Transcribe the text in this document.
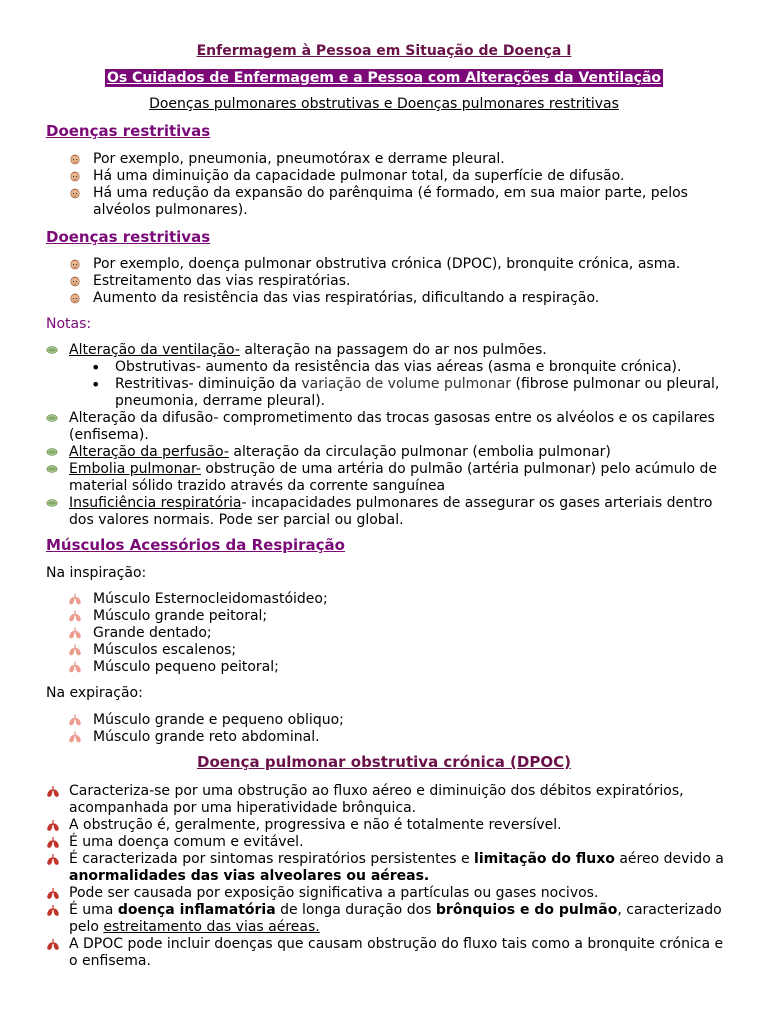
Enfermagem à Pessoa em Situação de Doença I
Os Cuidados de Enfermagem e a Pessoa com Alterações da Ventilação
Doenças pulmonares obstrutivas e Doenças pulmonares restritivas
Doenças restritivas
Por exemplo, pneumonia, pneumotórax e derrame pleural.
Há uma diminuição da capacidade pulmonar total, da superfície de difusão.
Há uma redução da expansão do parênquima (é formado, em sua maior parte, pelos alvéolos pulmonares).
Doenças restritivas
Por exemplo, doença pulmonar obstrutiva crónica (DPOC), bronquite crónica, asma.
Estreitamento das vias respiratórias.
Aumento da resistência das vias respiratórias, dificultando a respiração.
Notas:
Alteração da ventilação- alteração na passagem do ar nos pulmões.
• Obstrutivas- aumento da resistência das vias aéreas (asma e bronquite crónica).
• Restritivas- diminuição da variação de volume pulmonar (fibrose pulmonar ou pleural, pneumonia, derrame pleural).
Alteração da difusão- comprometimento das trocas gasosas entre os alvéolos e os capilares (enfisema).
Alteração da perfusão- alteração da circulação pulmonar (embolia pulmonar)
Embolia pulmonar- obstrução de uma artéria do pulmão (artéria pulmonar) pelo acúmulo de material sólido trazido através da corrente sanguínea
Insuficiência respiratória- incapacidades pulmonares de assegurar os gases arteriais dentro dos valores normais. Pode ser parcial ou global.
Músculos Acessórios da Respiração
Na inspiração:
Músculo Esternocleidomastóideo;
Músculo grande peitoral;
Grande dentado;
Músculos escalenos;
Músculo pequeno peitoral;
Na expiração:
Músculo grande e pequeno obliquo;
Músculo grande reto abdominal.
Doença pulmonar obstrutiva crónica (DPOC)
Caracteriza-se por uma obstrução ao fluxo aéreo e diminuição dos débitos expiratórios, acompanhada por uma hiperatividade brônquica.
A obstrução é, geralmente, progressiva e não é totalmente reversível.
É uma doença comum e evitável.
É caracterizada por sintomas respiratórios persistentes e limitação do fluxo aéreo devido a anormalidades das vias alveolares ou aéreas.
Pode ser causada por exposição significativa a partículas ou gases nocivos.
É uma doença inflamatória de longa duração dos brônquios e do pulmão, caracterizado pelo estreitamento das vias aéreas.
A DPOC pode incluir doenças que causam obstrução do fluxo tais como a bronquite crónica e o enfisema.
